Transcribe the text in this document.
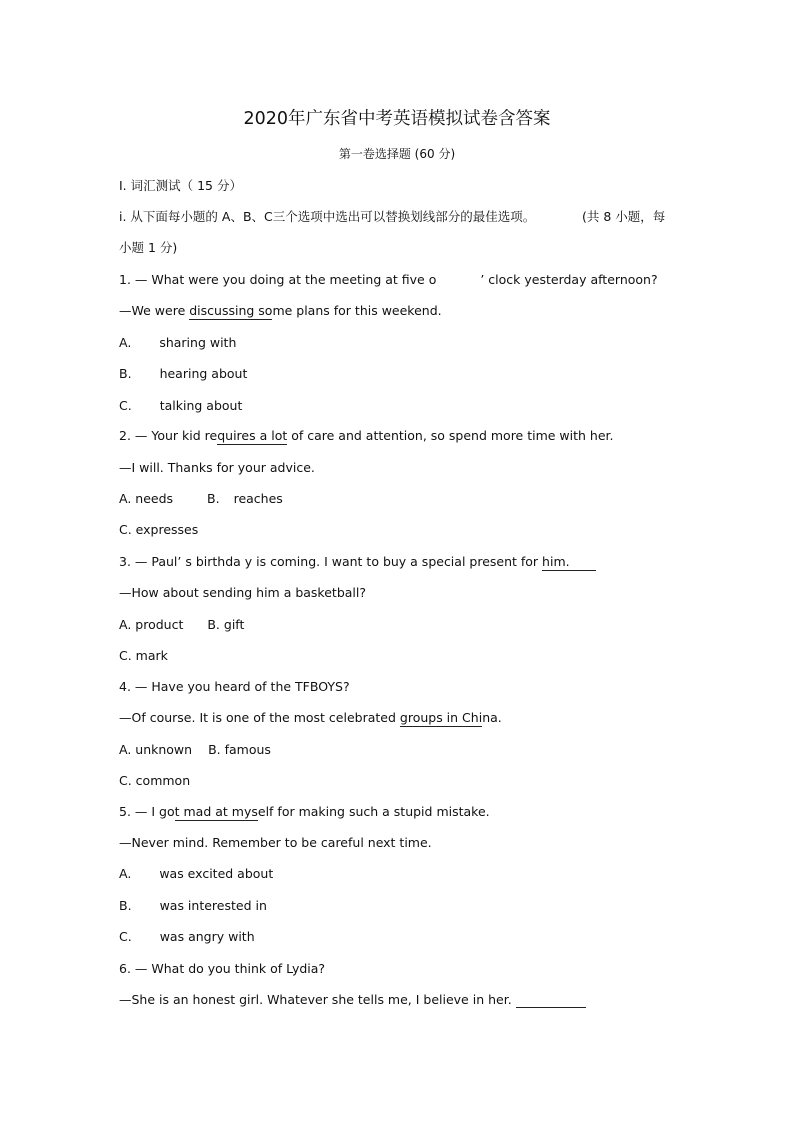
2020年广东省中考英语模拟试卷含答案
第一卷选择题 (60 分)
I. 词汇测试（ 15 分）
i. 从下面每小题的 A、B、C三个选项中选出可以替换划线部分的最佳选项。	(共 8 小题，每
小题 1 分)
1. — What were you doing at the meeting at five o	’ clock yesterday afternoon?
—We were discussing some plans for this weekend.
A. sharing with
B. hearing about
C. talking about
2. — Your kid requires a lot of care and attention, so spend more time with her.
—I will. Thanks for your advice.
A. needs	B. reaches
C. expresses
3. — Paul’ s birthda y is coming. I want to buy a special present for him.
—How about sending him a basketball?
A. product B. gift
C. mark
4. — Have you heard of the TFBOYS?
—Of course. It is one of the most celebrated groups in China.
A. unknown B. famous
C. common
5. — I got mad at myself for making such a stupid mistake.
—Never mind. Remember to be careful next time.
A. was excited about
B. was interested in
C. was angry with
6. — What do you think of Lydia?
—She is an honest girl. Whatever she tells me, I believe in her.
